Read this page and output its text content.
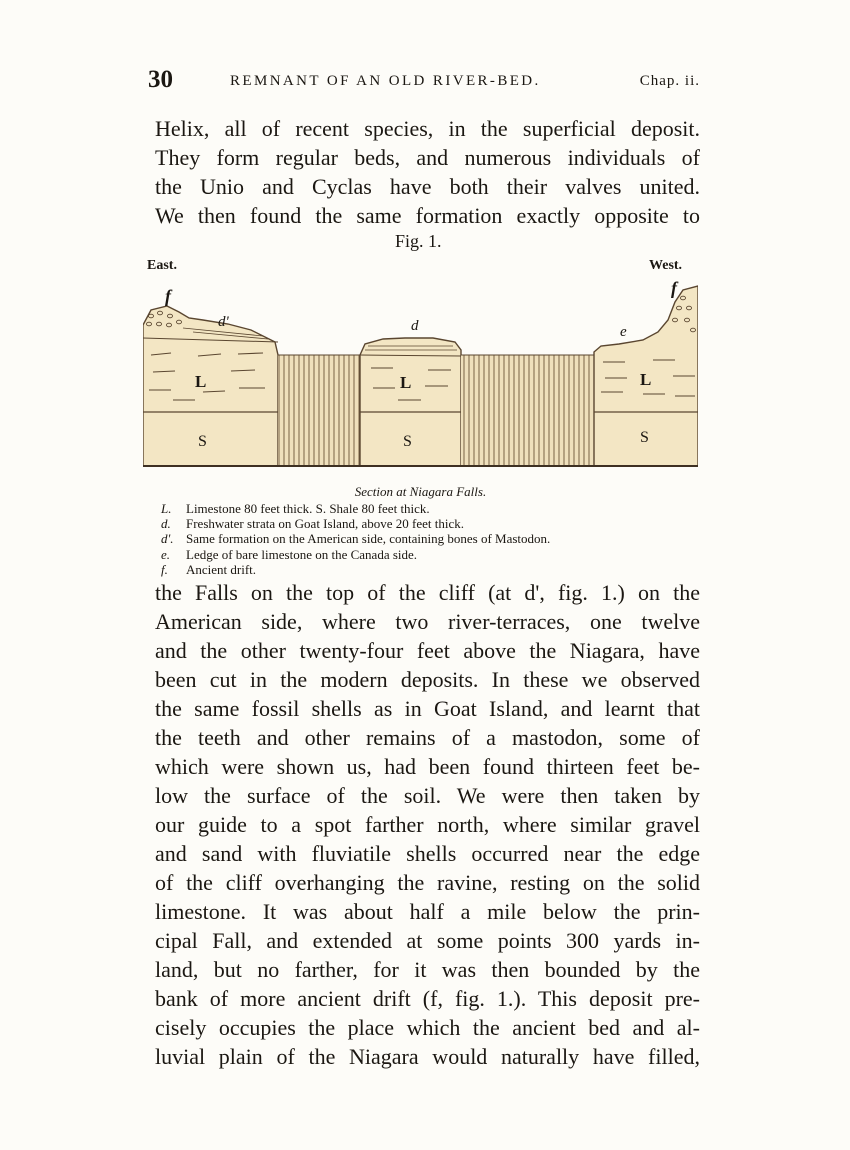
30	REMNANT OF AN OLD RIVER-BED.	Chap. ii.
Helix, all of recent species, in the superficial deposit.
They form regular beds, and numerous individuals of
the Unio and Cyclas have both their valves united.
We then found the same formation exactly opposite to
Fig. 1.
East.	West.
f
d'	d	e
f
L	L	L
S	S	S
Section at Niagara Falls.
L. Limestone 80 feet thick. S. Shale 80 feet thick.
d. Freshwater strata on Goat Island, above 20 feet thick.
d'. Same formation on the American side, containing bones of Mastodon.
e. Ledge of bare limestone on the Canada side.
f. Ancient drift.
the Falls on the top of the cliff (at d', fig. 1.) on the
American side, where two river-terraces, one twelve
and the other twenty-four feet above the Niagara, have
been cut in the modern deposits. In these we observed
the same fossil shells as in Goat Island, and learnt that
the teeth and other remains of a mastodon, some of
which were shown us, had been found thirteen feet be-
low the surface of the soil. We were then taken by
our guide to a spot farther north, where similar gravel
and sand with fluviatile shells occurred near the edge
of the cliff overhanging the ravine, resting on the solid
limestone. It was about half a mile below the prin-
cipal Fall, and extended at some points 300 yards in-
land, but no farther, for it was then bounded by the
bank of more ancient drift (f, fig. 1.). This deposit pre-
cisely occupies the place which the ancient bed and al-
luvial plain of the Niagara would naturally have filled,
